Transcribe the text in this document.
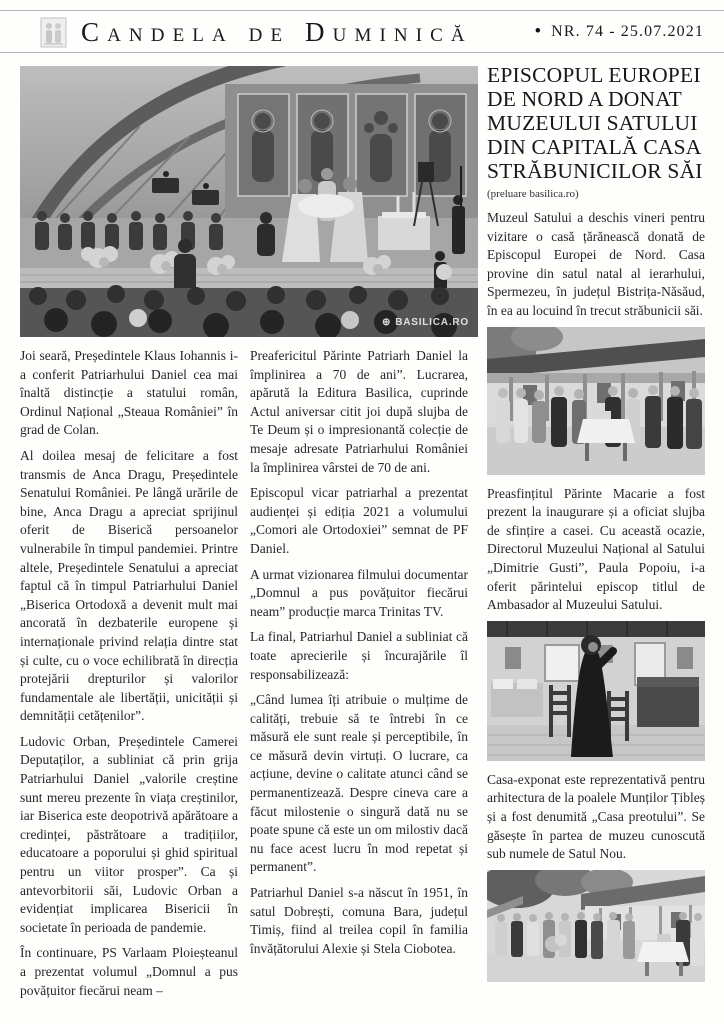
Candela de Duminică	• NR. 74 - 25.07.2021
⊕ BASILICA.RO

Joi seară, Președintele Klaus Iohannis i-a conferit Patriarhului Daniel cea mai înaltă distincție a statului român, Ordinul Național „Steaua României” în grad de Colan.

Al doilea mesaj de felicitare a fost transmis de Anca Dragu, Președintele Senatului României. Pe lângă urările de bine, Anca Dragu a apreciat sprijinul oferit de Biserică persoanelor vulnerabile în timpul pandemiei. Printre altele, Președintele Senatului a apreciat faptul că în timpul Patriarhului Daniel „Biserica Ortodoxă a devenit mult mai ancorată în dezbaterile europene și internaționale privind relația dintre stat și culte, cu o voce echilibrată în direcția protejării drepturilor și valorilor fundamentale ale libertății, unicității și demnității cetățenilor”.

Ludovic Orban, Președintele Camerei Deputaților, a subliniat că prin grija Patriarhului Daniel „valorile creștine sunt mereu prezente în viața creștinilor, iar Biserica este deopotrivă apărătoare a credinței, păstrătoare a tradițiilor, educatoare a poporului și ghid spiritual pentru un viitor prosper”. Ca și antevorbitorii săi, Ludovic Orban a evidențiat implicarea Bisericii în societate în perioada de pandemie.

În continuare, PS Varlaam Ploieșteanul a prezentat volumul „Domnul a pus povățuitor fiecărui neam –

Preafericitul Părinte Patriarh Daniel la împlinirea a 70 de ani”. Lucrarea, apărută la Editura Basilica, cuprinde Actul aniversar citit joi după slujba de Te Deum și o impresionantă colecție de mesaje adresate Patriarhului României la împlinirea vârstei de 70 de ani.

Episcopul vicar patriarhal a prezentat audienței și ediția 2021 a volumului „Comori ale Ortodoxiei” semnat de PF Daniel.

A urmat vizionarea filmului documentar „Domnul a pus povățuitor fiecărui neam” producție marca Trinitas TV.

La final, Patriarhul Daniel a subliniat că toate aprecierile și încurajările îl responsabilizează:

„Când lumea îți atribuie o mulțime de calități, trebuie să te întrebi în ce măsură ele sunt reale și perceptibile, în ce măsură devin virtuți. O lucrare, ca acțiune, devine o calitate atunci când se permanentizează. Despre cineva care a făcut milostenie o singură dată nu se poate spune că este un om milostiv dacă nu face acest lucru în mod repetat și permanent”.

Patriarhul Daniel s-a născut în 1951, în satul Dobrești, comuna Bara, județul Timiș, fiind al treilea copil în familia învățătorului Alexie și Stela Ciobotea.

EPISCOPUL EUROPEI DE NORD A DONAT MUZEULUI SATULUI DIN CAPITALĂ CASA STRĂBUNICILOR SĂI
(preluare basilica.ro)

Muzeul Satului a deschis vineri pentru vizitare o casă țărănească donată de Episcopul Europei de Nord. Casa provine din satul natal al ierarhului, Spermezeu, în județul Bistrița-Năsăud, în ea au locuind în trecut străbunicii săi.

Preasfințitul Părinte Macarie a fost prezent la inaugurare și a oficiat slujba de sfințire a casei. Cu această ocazie, Directorul Muzeului Național al Satului „Dimitrie Gusti”, Paula Popoiu, i-a oferit părintelui episcop titlul de Ambasador al Muzeului Satului.

Casa-exponat este reprezentativă pentru arhitectura de la poalele Munților Țibleș și a fost denumită „Casa preotului”. Se găsește în partea de muzeu cunoscută sub numele de Satul Nou.
